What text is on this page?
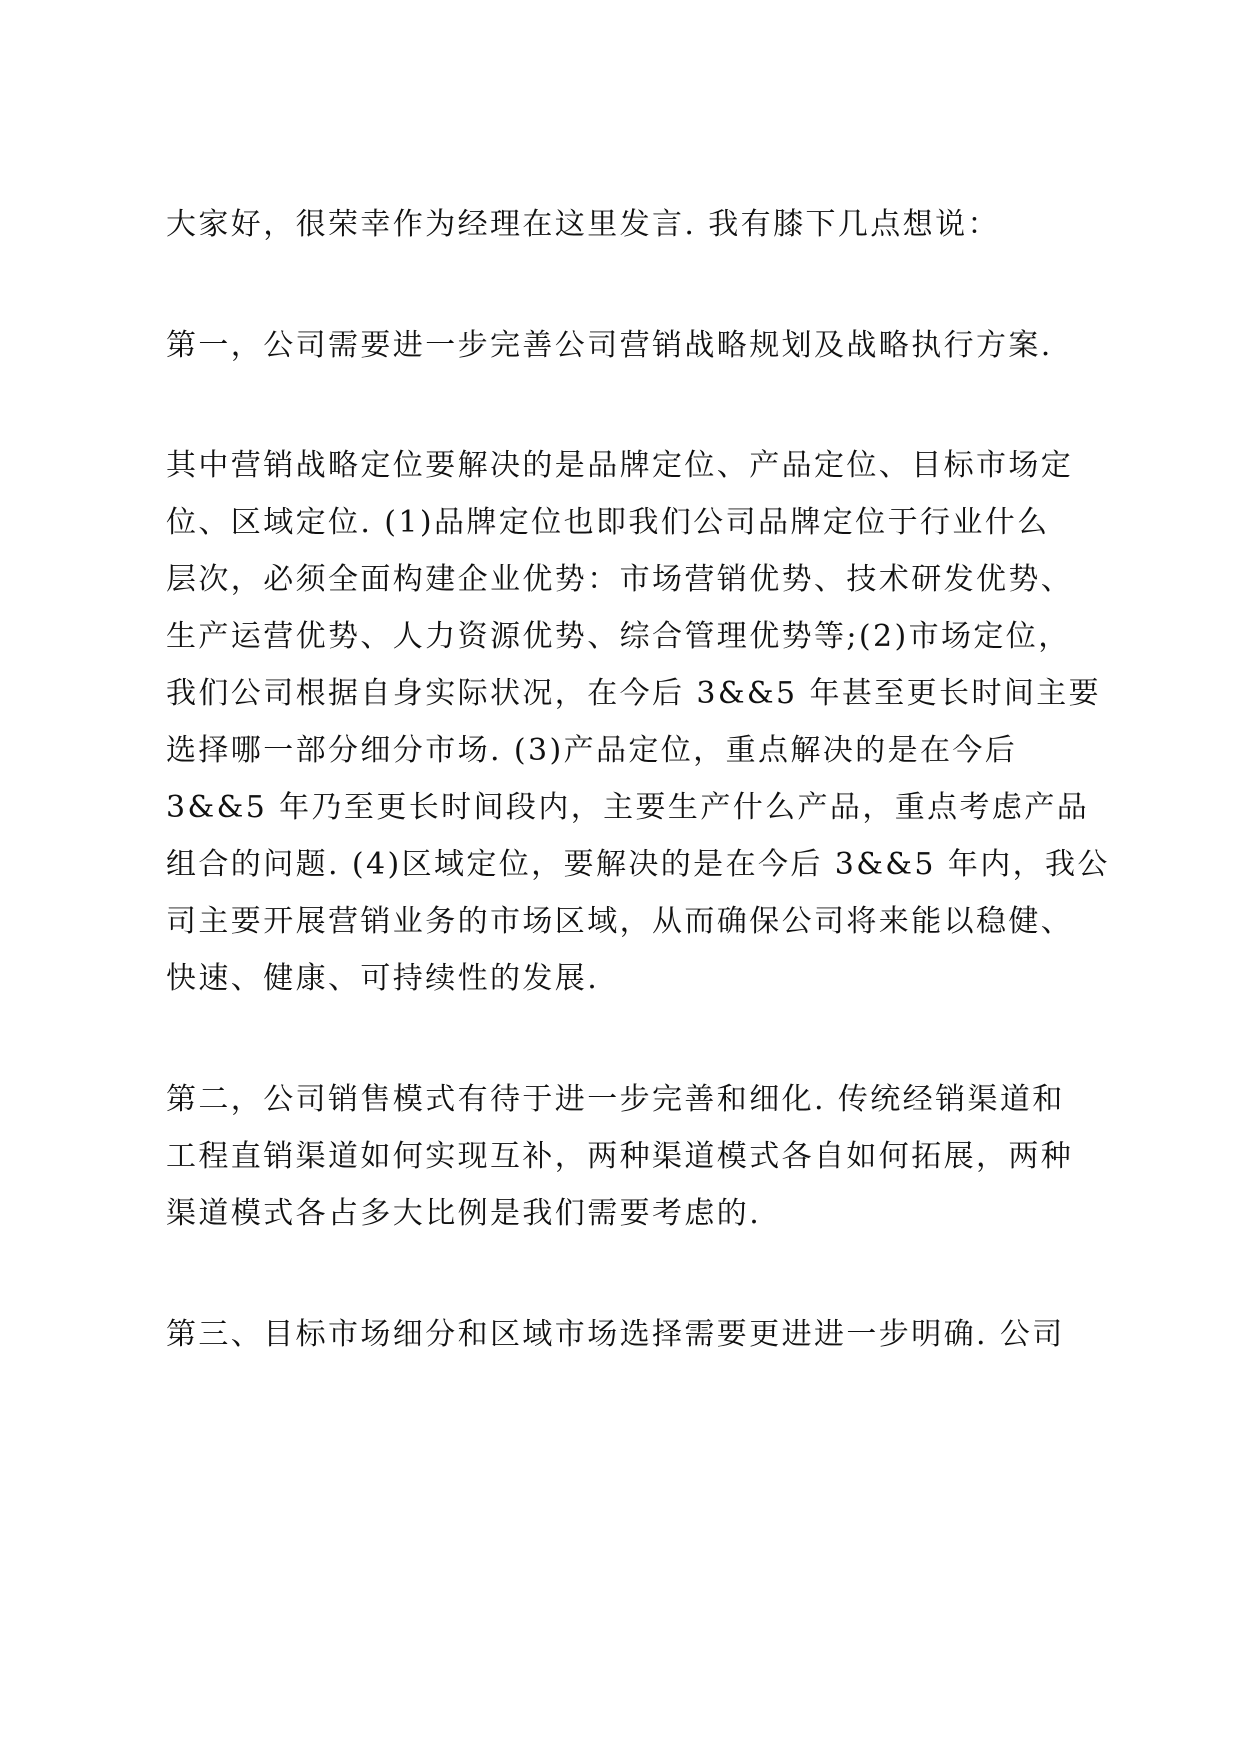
大家好，很荣幸作为经理在这里发言. 我有膝下几点想说：

第一，公司需要进一步完善公司营销战略规划及战略执行方案.

其中营销战略定位要解决的是品牌定位、产品定位、目标市场定

位、区域定位. (1)品牌定位也即我们公司品牌定位于行业什么

层次，必须全面构建企业优势：市场营销优势、技术研发优势、

生产运营优势、人力资源优势、综合管理优势等;(2)市场定位，

我们公司根据自身实际状况，在今后 3&&5 年甚至更长时间主要

选择哪一部分细分市场. (3)产品定位，重点解决的是在今后

3&&5 年乃至更长时间段内，主要生产什么产品，重点考虑产品

组合的问题. (4)区域定位，要解决的是在今后 3&&5 年内，我公

司主要开展营销业务的市场区域，从而确保公司将来能以稳健、

快速、健康、可持续性的发展.

第二，公司销售模式有待于进一步完善和细化. 传统经销渠道和

工程直销渠道如何实现互补，两种渠道模式各自如何拓展，两种

渠道模式各占多大比例是我们需要考虑的.

第三、目标市场细分和区域市场选择需要更进进一步明确. 公司
